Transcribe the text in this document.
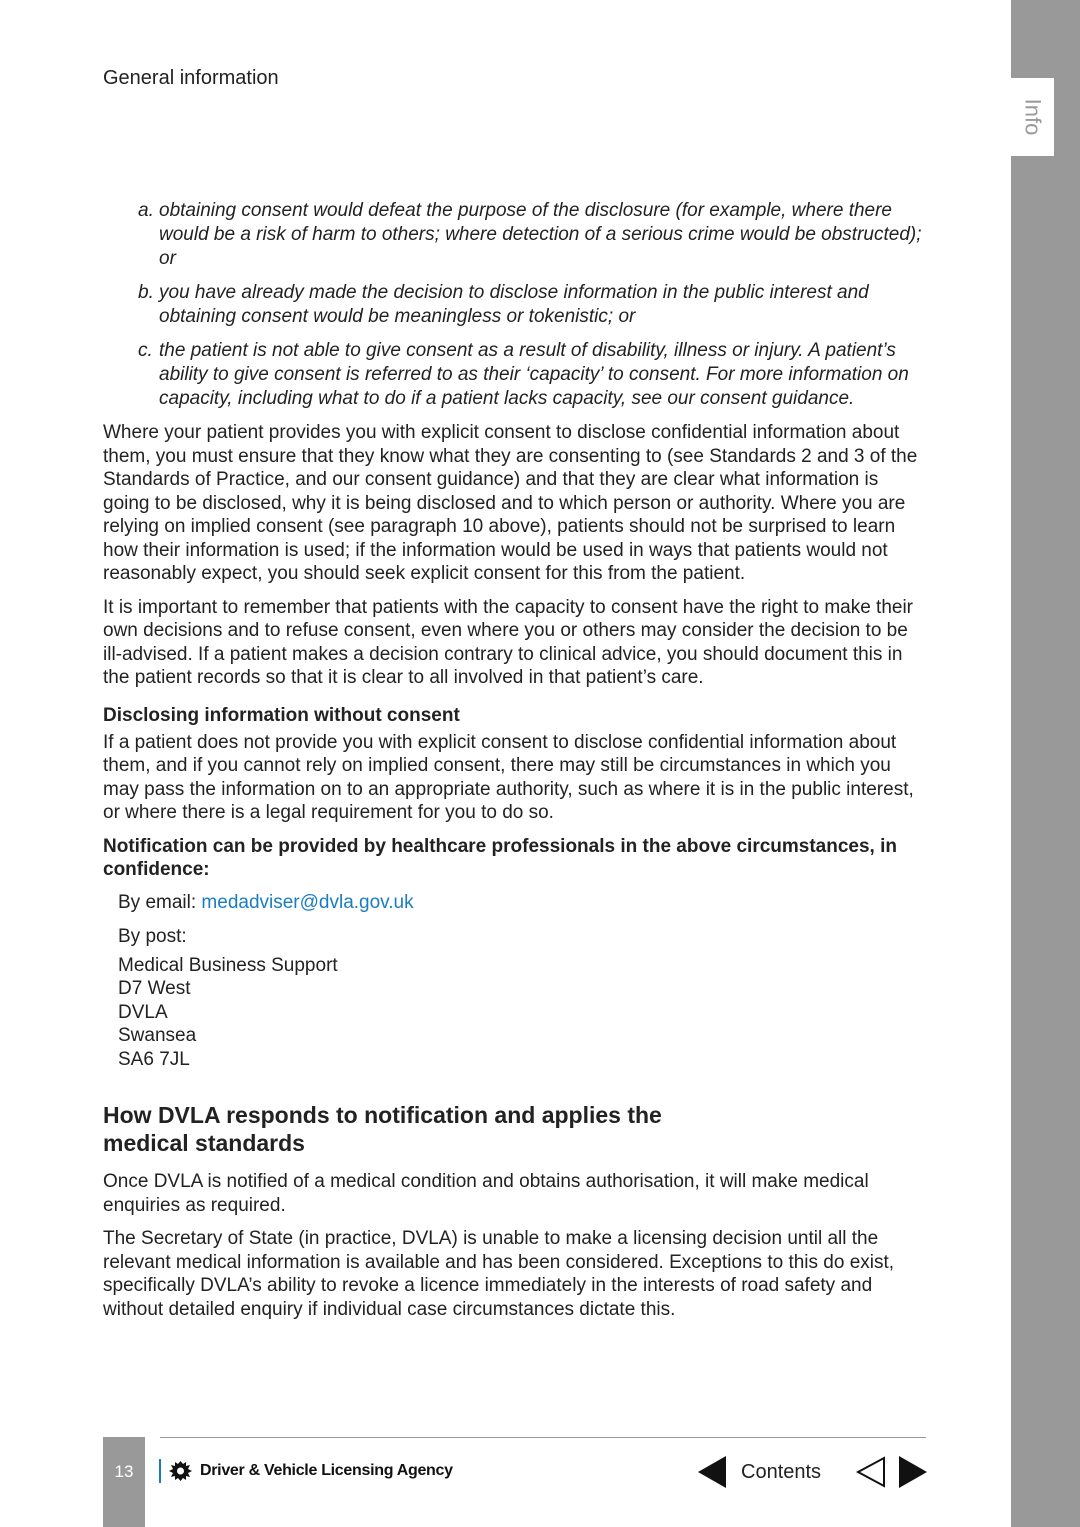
Info
General information
a. obtaining consent would defeat the purpose of the disclosure (for example, where there would be a risk of harm to others; where detection of a serious crime would be obstructed); or
b. you have already made the decision to disclose information in the public interest and obtaining consent would be meaningless or tokenistic; or
c. the patient is not able to give consent as a result of disability, illness or injury. A patient’s ability to give consent is referred to as their ‘capacity’ to consent. For more information on capacity, including what to do if a patient lacks capacity, see our consent guidance.

Where your patient provides you with explicit consent to disclose confidential information about them, you must ensure that they know what they are consenting to (see Standards 2 and 3 of the Standards of Practice, and our consent guidance) and that they are clear what information is going to be disclosed, why it is being disclosed and to which person or authority. Where you are relying on implied consent (see paragraph 10 above), patients should not be surprised to learn how their information is used; if the information would be used in ways that patients would not reasonably expect, you should seek explicit consent for this from the patient.

It is important to remember that patients with the capacity to consent have the right to make their own decisions and to refuse consent, even where you or others may consider the decision to be ill-advised. If a patient makes a decision contrary to clinical advice, you should document this in the patient records so that it is clear to all involved in that patient’s care.

Disclosing information without consent

If a patient does not provide you with explicit consent to disclose confidential information about them, and if you cannot rely on implied consent, there may still be circumstances in which you may pass the information on to an appropriate authority, such as where it is in the public interest, or where there is a legal requirement for you to do so.

Notification can be provided by healthcare professionals in the above circumstances, in confidence:
By email: medadviser@dvla.gov.uk
By post:
Medical Business Support
D7 West
DVLA
Swansea
SA6 7JL
How DVLA responds to notification and applies the
medical standards

Once DVLA is notified of a medical condition and obtains authorisation, it will make medical enquiries as required.

The Secretary of State (in practice, DVLA) is unable to make a licensing decision until all the relevant medical information is available and has been considered. Exceptions to this do exist, specifically DVLA’s ability to revoke a licence immediately in the interests of road safety and without detailed enquiry if individual case circumstances dictate this.

13	Driver & Vehicle Licensing Agency	Contents
